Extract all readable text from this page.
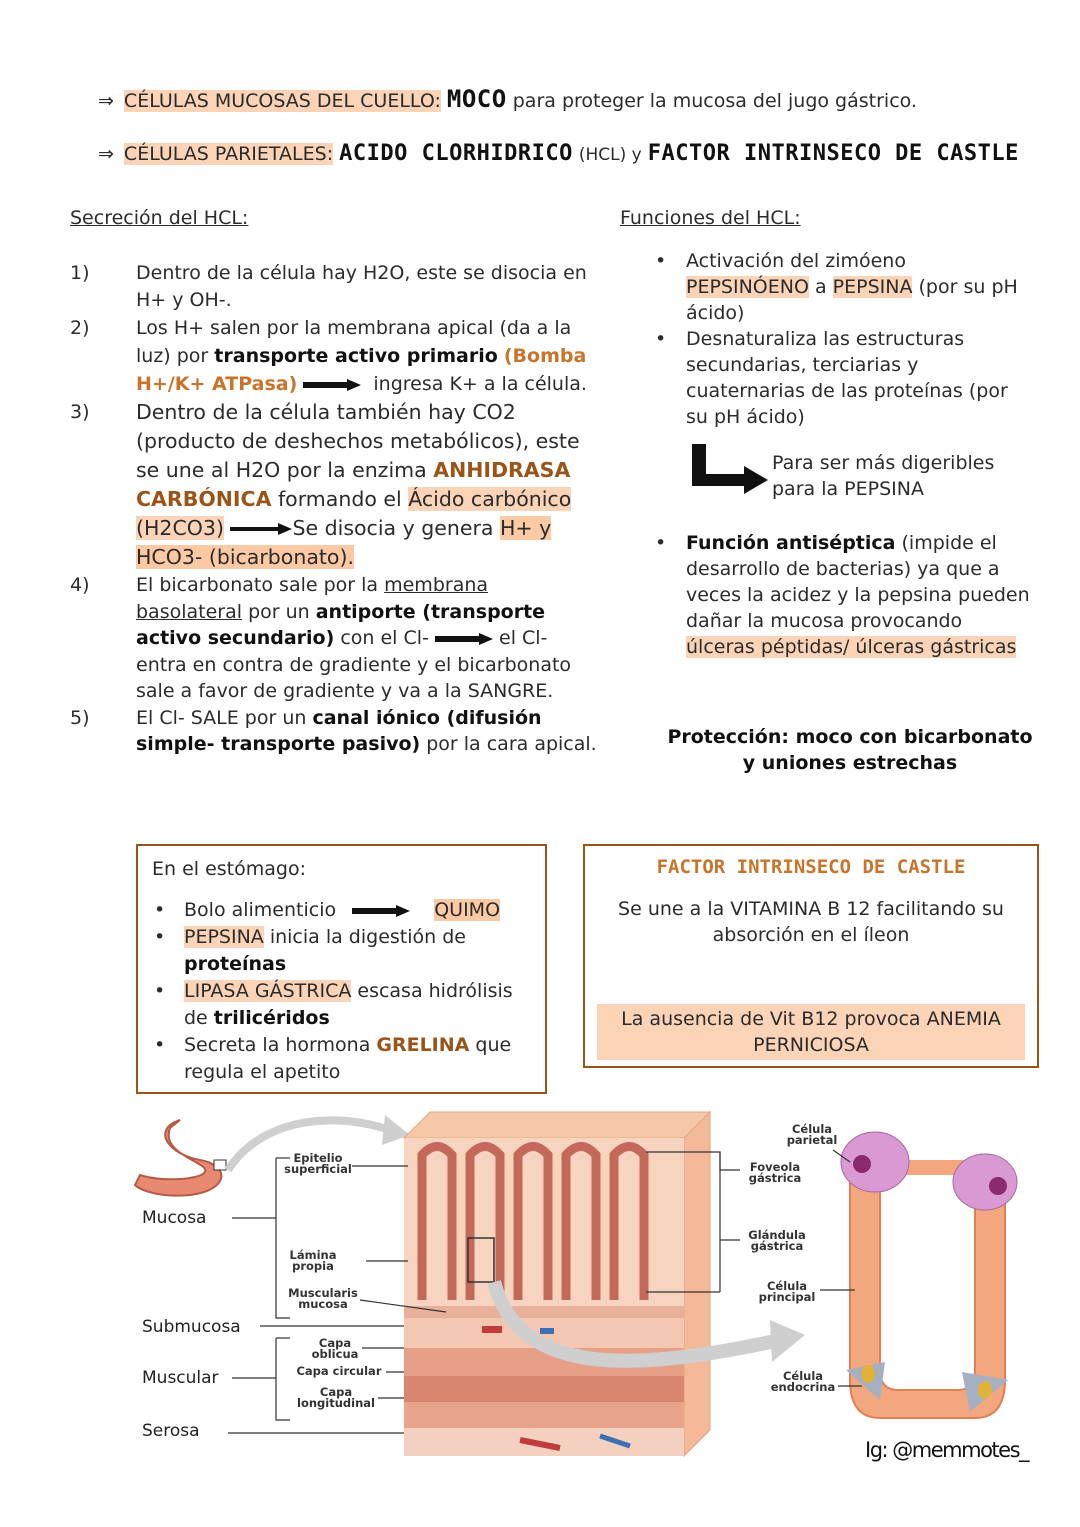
⇒ CÉLULAS MUCOSAS DEL CUELLO: MOCO para proteger la mucosa del jugo gástrico.
⇒ CÉLULAS PARIETALES: ACIDO CLORHIDRICO (HCL) y FACTOR INTRINSECO DE CASTLE
Secreción del HCL:	Funciones del HCL:
1) Dentro de la célula hay H2O, este se disocia en H+ y OH-.
2) Los H+ salen por la membrana apical (da a la luz) por transporte activo primario (Bomba H+/K+ ATPasa)	ingresa K+ a la célula.
3) Dentro de la célula también hay CO2 (producto de deshechos metabólicos), este se une al H2O por la enzima ANHIDRASA CARBÓNICA formando el Ácido carbónico (H2CO3)	Se disocia y genera H+ y HCO3- (bicarbonato).
4) El bicarbonato sale por la membrana basolateral por un antiporte (transporte activo secundario) con el Cl-	el Cl- entra en contra de gradiente y el bicarbonato sale a favor de gradiente y va a la SANGRE.
5) El Cl- SALE por un canal iónico (difusión simple- transporte pasivo) por la cara apical.
• Activación del zimóeno PEPSINÓENO a PEPSINA (por su pH ácido)
• Desnaturaliza las estructuras secundarias, terciarias y cuaternarias de las proteínas (por su pH ácido)
Para ser más digeribles para la PEPSINA
• Función antiséptica (impide el desarrollo de bacterias) ya que a veces la acidez y la pepsina pueden dañar la mucosa provocando úlceras péptidas/ úlceras gástricas
Protección: moco con bicarbonato y uniones estrechas
En el estómago:
• Bolo alimenticio	QUIMO
• PEPSINA inicia la digestión de proteínas
• LIPASA GÁSTRICA escasa hidrólisis de trilicéridos
• Secreta la hormona GRELINA que regula el apetito
FACTOR INTRINSECO DE CASTLE
Se une a la VITAMINA B 12 facilitando su absorción en el íleon
La ausencia de Vit B12 provoca ANEMIA PERNICIOSA
Mucosa
Submucosa
Muscular
Serosa
Epitelio superficial
Lámina propia
Muscularis mucosa
Capa oblicua
Capa circular
Capa longitudinal
Foveola gástrica
Glándula gástrica
Célula parietal
Célula principal
Célula endocrina
Ig: @memmotes_
